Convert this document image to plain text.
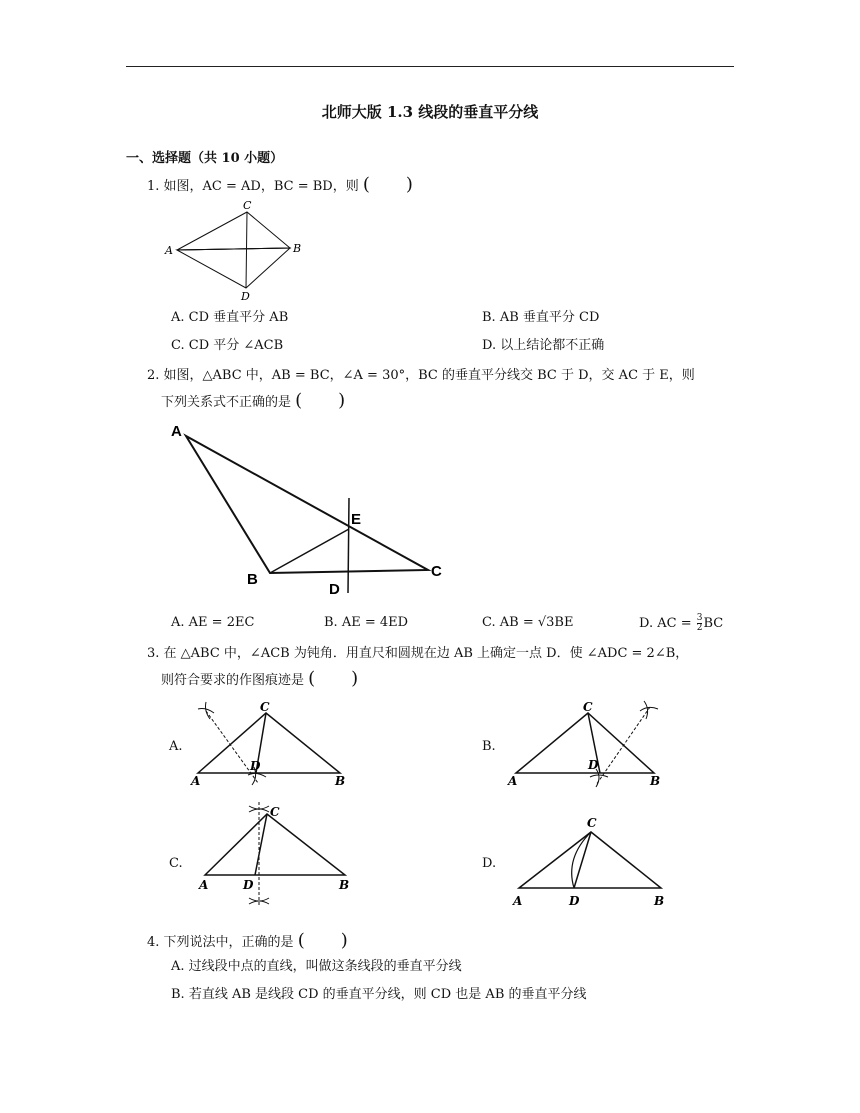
北师大版 1.3 线段的垂直平分线
一、选择题（共 10 小题）
1. 如图，AC = AD，BC = BD，则 (　　)
C
A	B
D
A. CD 垂直平分 AB	B. AB 垂直平分 CD
C. CD 平分 ∠ACB	D. 以上结论都不正确
2. 如图，△ABC 中，AB = BC，∠A = 30°，BC 的垂直平分线交 BC 于 D，交 AC 于 E，则
下列关系式不正确的是 (　　)
A
B	C
D
E
A. AE = 2EC	B. AE = 4ED	C. AB = √3BE	D. AC = $\frac{3}{2}$ BC
3. 在 △ABC 中，∠ACB 为钝角．用直尺和圆规在边 AB 上确定一点 D．使 ∠ADC = 2∠B，
则符合要求的作图痕迹是 (　　)
A.
C
D
A	B
B.
C
D
A	B
C.
C
D
A	B
D.
C
D
A	B
4. 下列说法中，正确的是 (　　)
A. 过线段中点的直线，叫做这条线段的垂直平分线
B. 若直线 AB 是线段 CD 的垂直平分线，则 CD 也是 AB 的垂直平分线
